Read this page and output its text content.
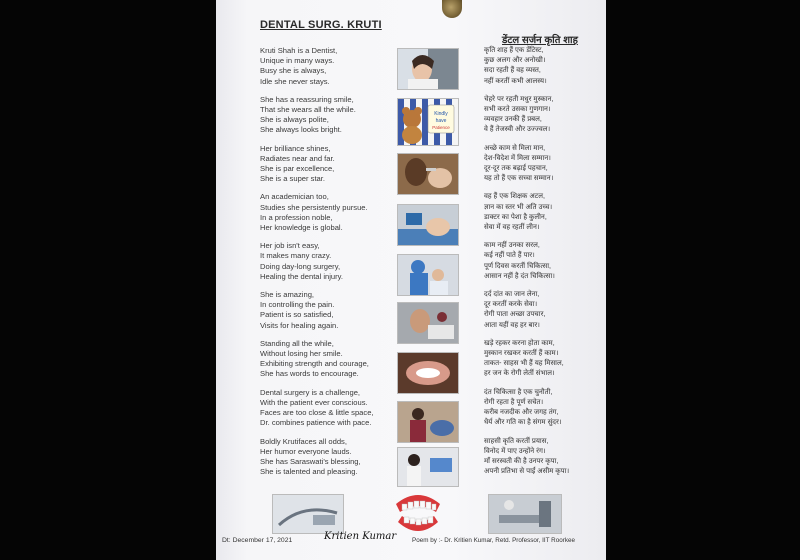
DENTAL SURG. KRUTI
डेंटल सर्जन कृति शाह
Kruti Shah is a Dentist,
Unique in many ways.
Busy she is always,
Idle she never stays.
She has a reassuring smile,
That she wears all the while.
She is always polite,
She always looks bright.
Her brilliance shines,
Radiates near and far.
She is par excellence,
She is a super star.
An academician too,
Studies she persistently pursue.
In a profession noble,
Her knowledge is global.
Her job isn't easy,
It makes many crazy.
Doing day-long surgery,
Healing the dental injury.
She is amazing,
In controlling the pain.
Patient is so satisfied,
Visits for healing again.
Standing all the while,
Without losing her smile.
Exhibiting strength and courage,
She has words to encourage.
Dental surgery is a challenge,
With the patient ever conscious.
Faces are too close & little space,
Dr. combines patience with pace.
Boldly Krutifaces all odds,
Her humor everyone lauds.
She has Saraswati's blessing,
She is talented and pleasing.
कृति शाह हैं एक डेंटिस्ट,
कुछ अलग और अनोखी।
सदा रहती हैं वह व्यस्त,
नहीं करतीं कभी आलस्य।
चेहरे पर रहती मधुर मुस्कान,
सभी करते उसका गुणगान।
व्यवहार उनकी हैं प्रबल,
वे हैं तेजस्वी और उज्ज्वल।
अच्छे काम से मिला मान,
देश-विदेश में मिला सम्मान।
दूर-दूर तक बढ़ाई पहचान,
यह तो हैं एक सच्चा सम्मान।
वह हैं एक शिक्षक अटल,
ज्ञान का स्तर भी अति उच्च।
डाक्टर का पेशा है कुलीन,
सेवा में वह रहतीं लीन।
काम नहीं उनका सरल,
कई नहीं पाते हैं पार।
पूर्ण दिवस करतीं चिकित्सा,
आसान नहीं है दंत चिकित्सा।
दर्द दांत का जान लेना,
दूर करतीं करके सेवा।
रोगी पाता अच्छा उपचार,
आता यहीं वह हर बार।
खड़े रहकर करना होता काम,
मुस्कान रखकर करतीं हैं काम।
ताकत- साहस भी हैं यह मिसाल,
हर जन के रोगी लेतीं संभाल।
दंत चिकित्सा है एक चुनौती,
रोगी रहता है पूर्ण सचेत।
करीब नजदीक और जगह तंग,
धैर्य और गति का है संगम सुंदर।
साहसी कृति करतीं प्रयास,
विनोद में पाए उन्होंने रंग।
माँ सरस्वती की है उनपर कृपा,
अपनी प्रतिभा से पाईं असीम कृपा।
Kindly
have
Patience
Dt: December 17, 2021	Kritien Kumar	Poem by :- Dr. Kritien Kumar, Retd. Professor, IIT Roorkee
